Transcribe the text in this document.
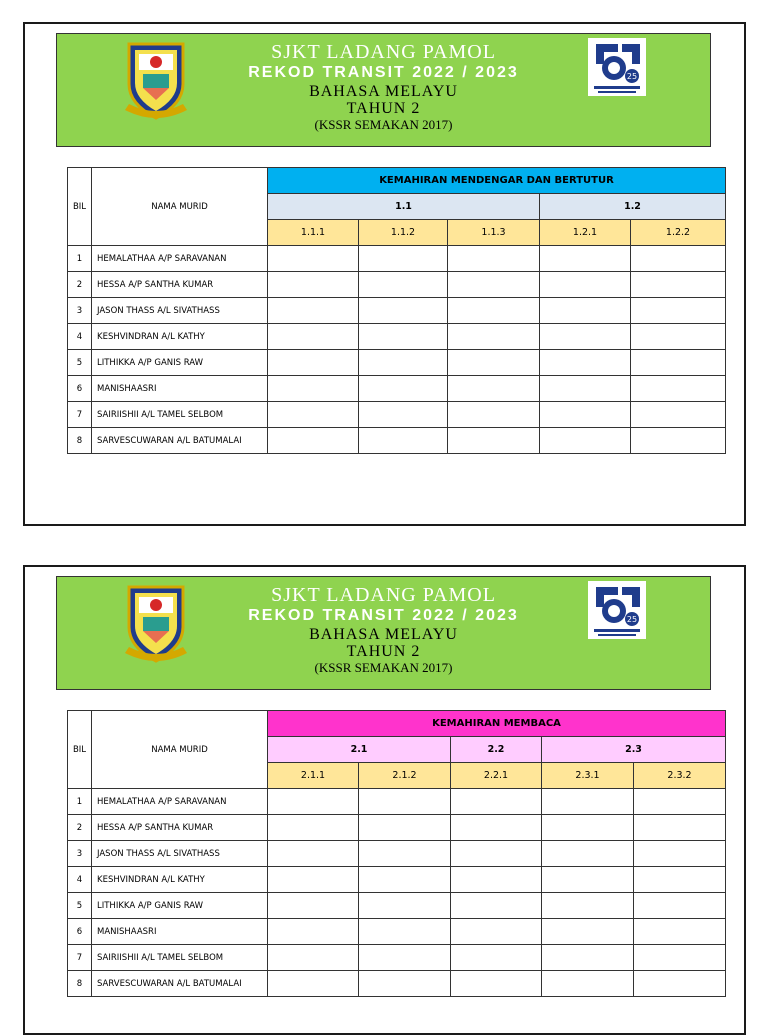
SJKT LADANG PAMOL
REKOD TRANSIT 2022 / 2023
BAHASA MELAYU
TAHUN 2
(KSSR SEMAKAN 2017)
25
BIL	NAMA MURID	KEMAHIRAN MENDENGAR DAN BERTUTUR				
		1.1			1.2	
		1.1.1	1.1.2	1.1.3	1.2.1	1.2.2
1	HEMALATHAA A/P SARAVANAN					
2	HESSA A/P SANTHA KUMAR					
3	JASON THASS A/L SIVATHASS					
4	KESHVINDRAN A/L KATHY					
5	LITHIKKA A/P GANIS RAW					
6	MANISHAASRI					
7	SAIRIISHII A/L TAMEL SELBOM					
8	SARVESCUWARAN A/L BATUMALAI					
SJKT LADANG PAMOL
REKOD TRANSIT 2022 / 2023
BAHASA MELAYU
TAHUN 2
(KSSR SEMAKAN 2017)
25
BIL	NAMA MURID	KEMAHIRAN MEMBACA				
		2.1		2.2	2.3	
		2.1.1	2.1.2	2.2.1	2.3.1	2.3.2
1	HEMALATHAA A/P SARAVANAN					
2	HESSA A/P SANTHA KUMAR					
3	JASON THASS A/L SIVATHASS					
4	KESHVINDRAN A/L KATHY					
5	LITHIKKA A/P GANIS RAW					
6	MANISHAASRI					
7	SAIRIISHII A/L TAMEL SELBOM					
8	SARVESCUWARAN A/L BATUMALAI					
